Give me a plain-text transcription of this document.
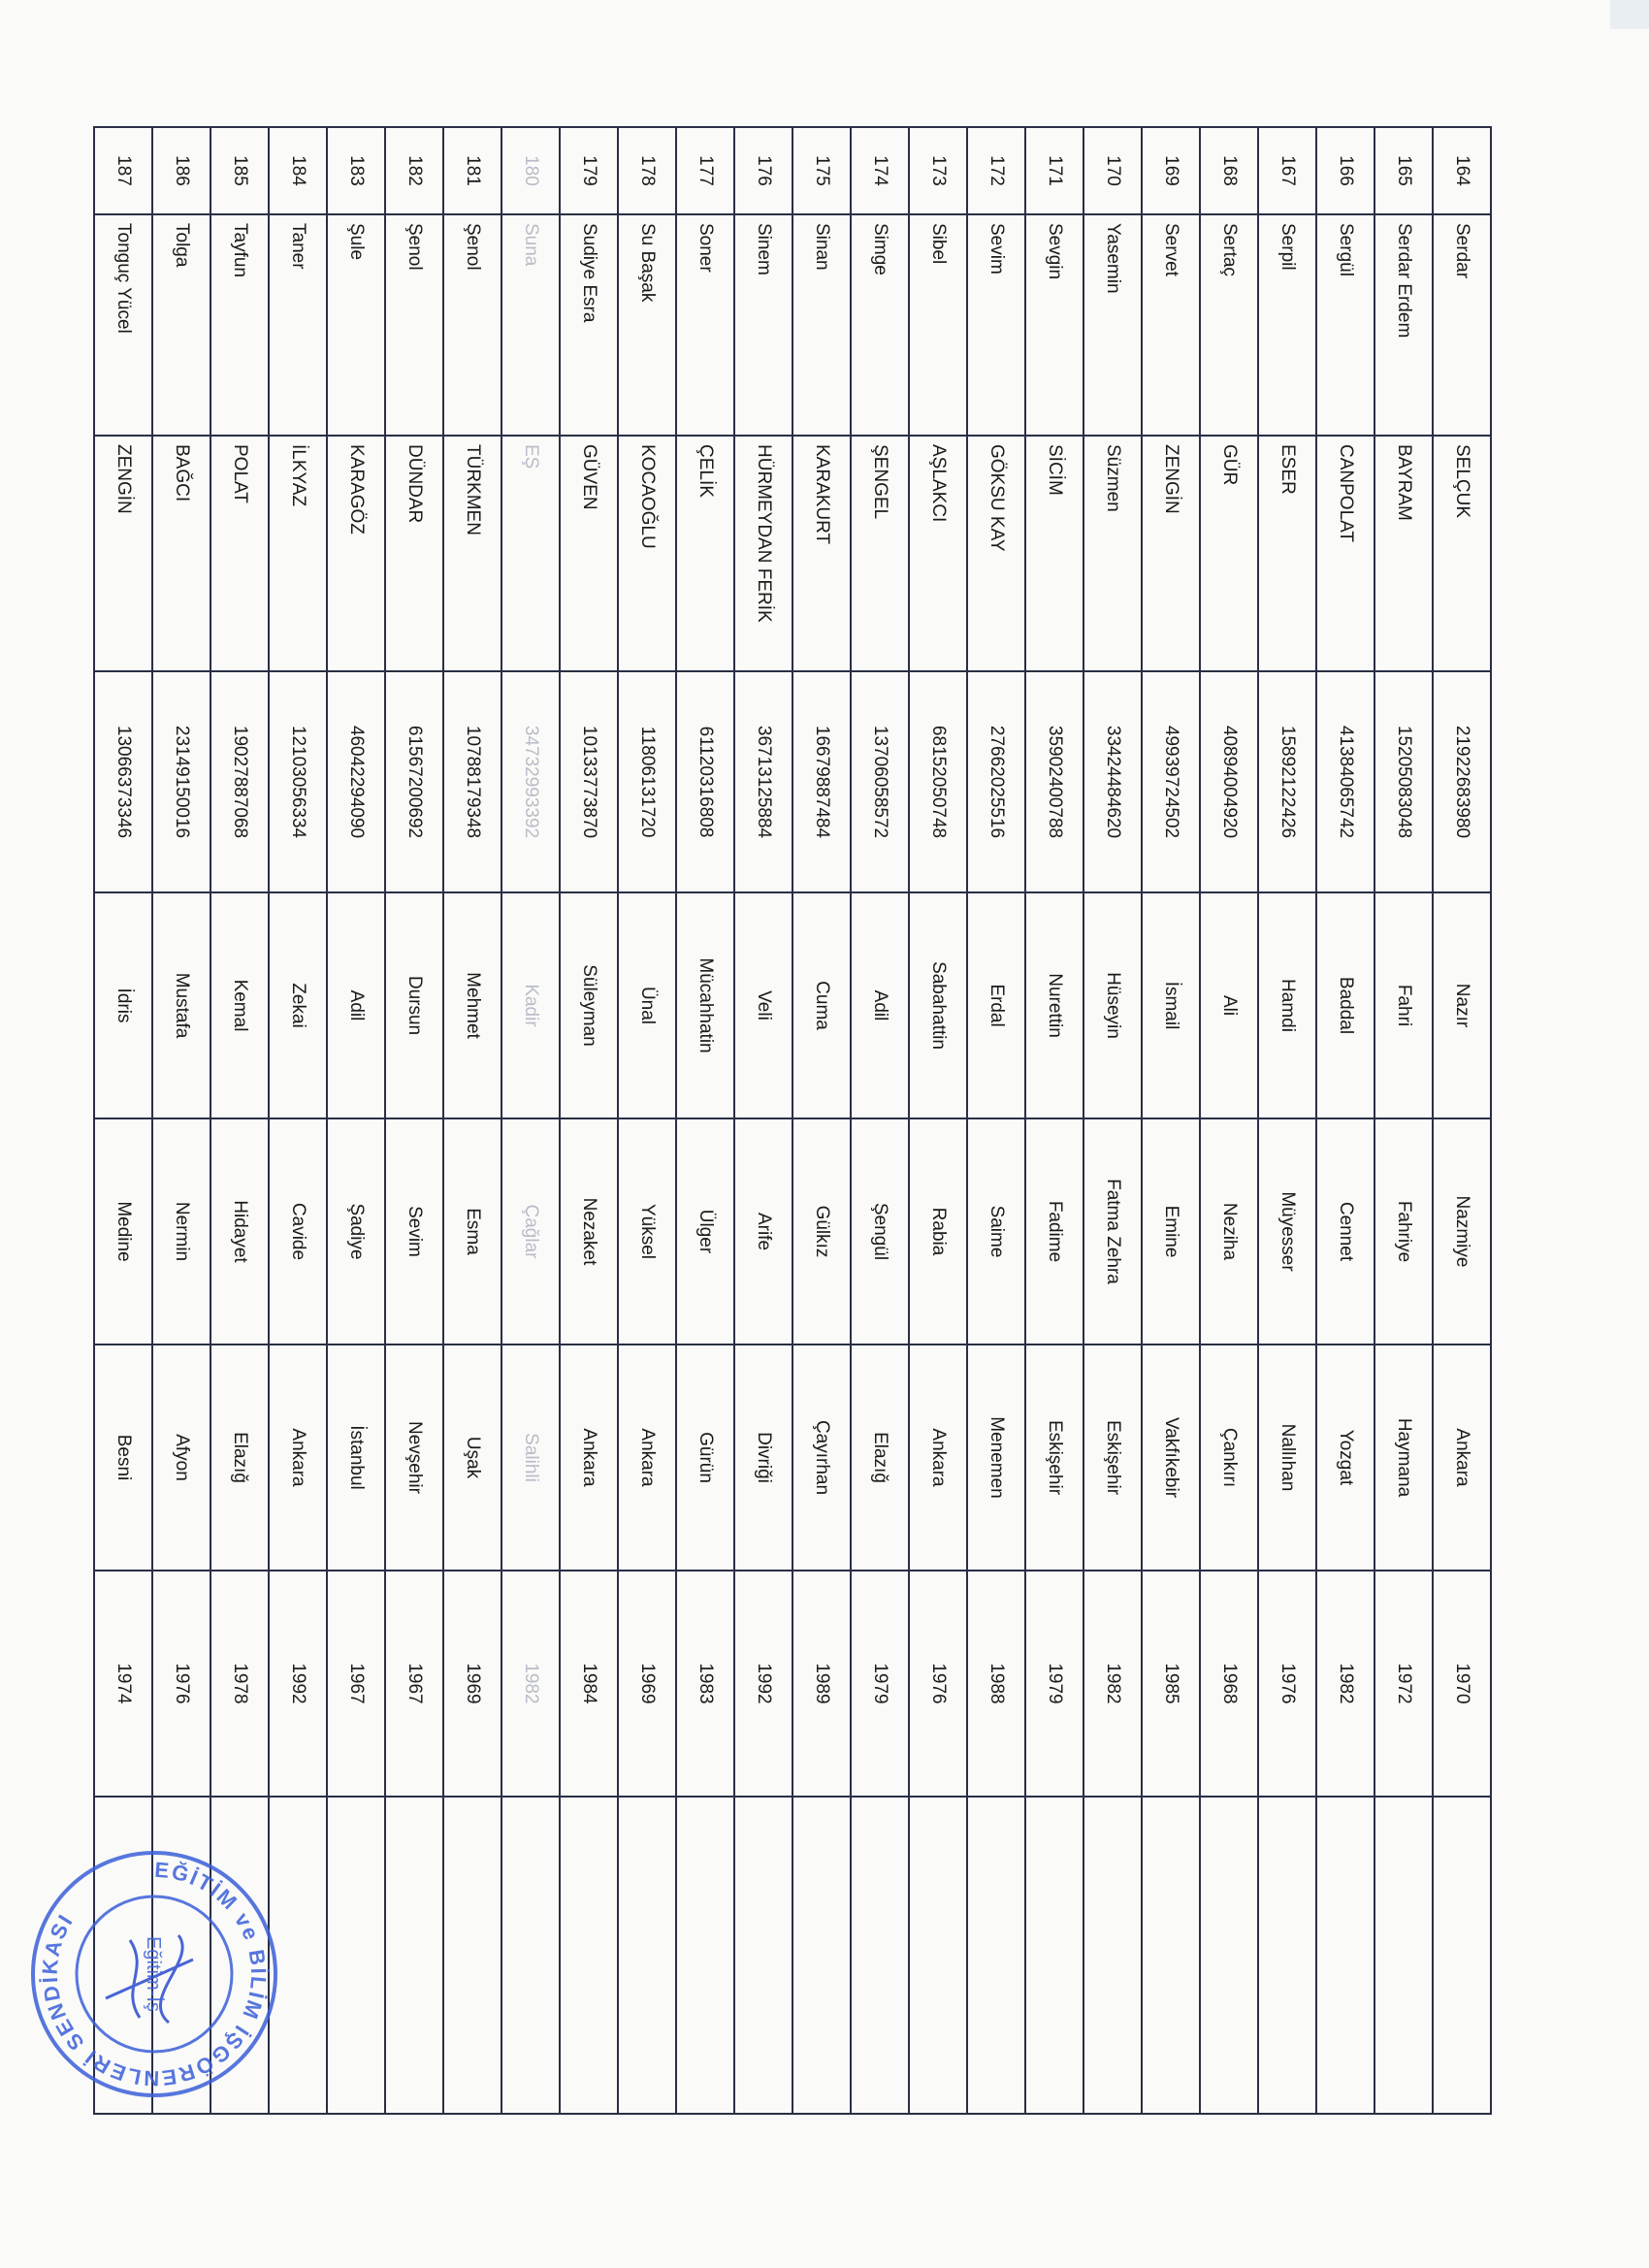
164	Serdar	SELÇUK	21922683980	Nazır	Nazmiye	Ankara	1970	
165	Serdar Erdem	BAYRAM	15205083048	Fahri	Fahriye	Haymana	1972	
166	Sergül	CANPOLAT	41384065742	Baddal	Cennet	Yozgat	1982	
167	Serpil	ESER	15892122426	Hamdi	Müyesser	Nallıhan	1976	
168	Sertaç	GÜR	40894004920	Ali	Neziha	Çankırı	1968	
169	Servet	ZENGİN	49939724502	İsmail	Emine	Vakfıkebir	1985	
170	Yasemin	Süzmen	33424484620	Hüseyin	Fatma Zehra	Eskişehir	1982	
171	Sevgin	SİCİM	35902400788	Nurettin	Fadime	Eskişehir	1979	
172	Sevim	GÖKSU KAY	27662025516	Erdal	Saime	Menemen	1988	
173	Sibel	AŞLAKCI	68152050748	Sabahattin	Rabia	Ankara	1976	
174	Simge	ŞENGEL	13706058572	Adil	Şengül	Elazığ	1979	
175	Sinan	KARAKURT	16679887484	Cuma	Gülkız	Çayırhan	1989	
176	Sinem	HÜRMEYDAN FERİK	36713125884	Veli	Arife	Divriği	1992	
177	Soner	ÇELİK	61120316808	Mücahhatin	Ülger	Gürün	1983	
178	Su Başak	KOCAOĞLU	11806131720	Ünal	Yüksel	Ankara	1969	
179	Sudiye Esra	GÜVEN	10133773870	Süleyman	Nezaket	Ankara	1984	
180	Suna	EŞ	34732993392	Kadir	Çağlar	Salihli	1982	
181	Şenol	TÜRKMEN	10788179348	Mehmet	Esma	Uşak	1969	
182	Şenol	DÜNDAR	61567200692	Dursun	Sevim	Nevşehir	1967	
183	Şule	KARAGÖZ	46042294090	Adil	Şadiye	İstanbul	1967	
184	Taner	İLKYAZ	12103056334	Zekai	Cavide	Ankara	1992	
185	Tayfun	POLAT	19027887068	Kemal	Hidayet	Elazığ	1978	
186	Tolga	BAĞCI	23149150016	Mustafa	Nermin	Afyon	1976	
187	Tonguç Yücel	ZENGİN	13066373346	İdris	Medine	Besni	1974	
EĞİTİM ve BİLİM İŞGÖRENLERİ SENDİKASI
Eğitim-İş
